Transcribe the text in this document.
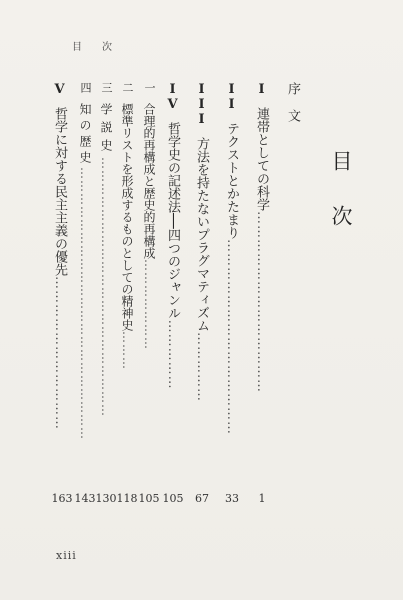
目次
目次
序文
I連帯としての科学…………………………………
1
IIテクストとかたまり……………………………………
33
III方法を持たないプラグマティズム……………
67
IV哲学史の記述法──四つのジャンル……………
105
一合理的再構成と歴史的再構成…………………
105
二標準リストを形成するものとしての精神史………
118
三学説史……………………………………………………
130
四知の歴史………………………………………………………
143
V哲学に対する民主主義の優先……………………………
163
xiii
